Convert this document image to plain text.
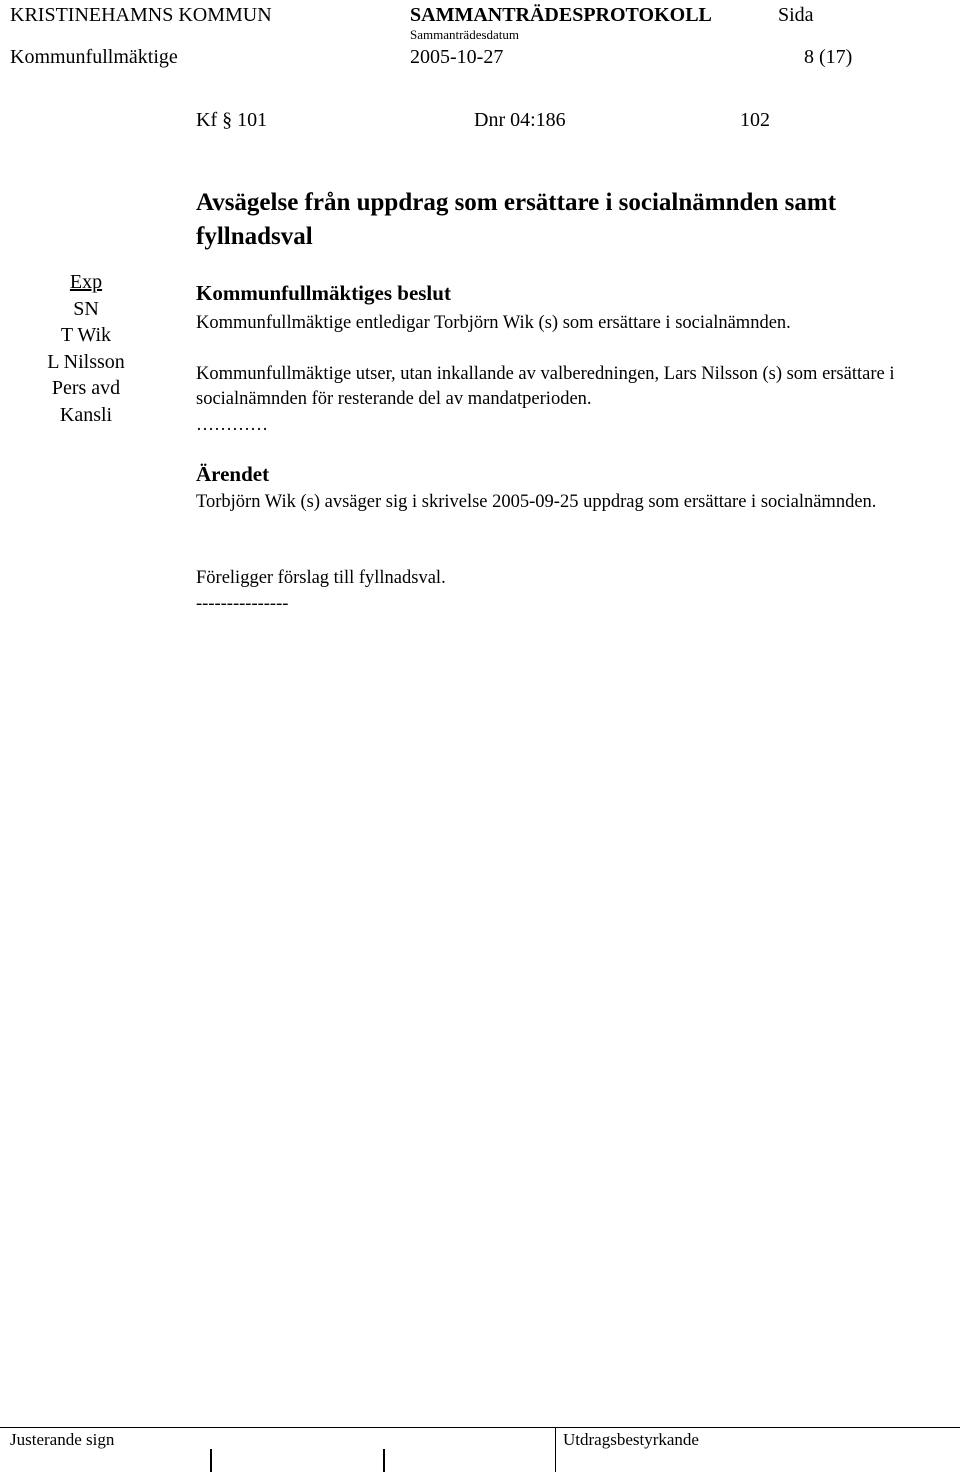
KRISTINEHAMNS KOMMUN	SAMMANTRÄDESPROTOKOLL	Sida
Sammanträdesdatum
Kommunfullmäktige	2005-10-27	8 (17)
Kf § 101	Dnr 04:186	102
Avsägelse från uppdrag som ersättare i socialnämnden samt fyllnadsval
Exp
SN
T Wik
L Nilsson
Pers avd
Kansli
Kommunfullmäktiges beslut
Kommunfullmäktige entledigar Torbjörn Wik (s) som ersättare i socialnämnden.
Kommunfullmäktige utser, utan inkallande av valberedningen, Lars Nilsson (s) som ersättare i socialnämnden för resterande del av mandatperioden.
…………
Ärendet
Torbjörn Wik (s) avsäger sig i skrivelse 2005-09-25 uppdrag som ersättare i socialnämnden.
Föreligger förslag till fyllnadsval.
---------------
Justerande sign	Utdragsbestyrkande
